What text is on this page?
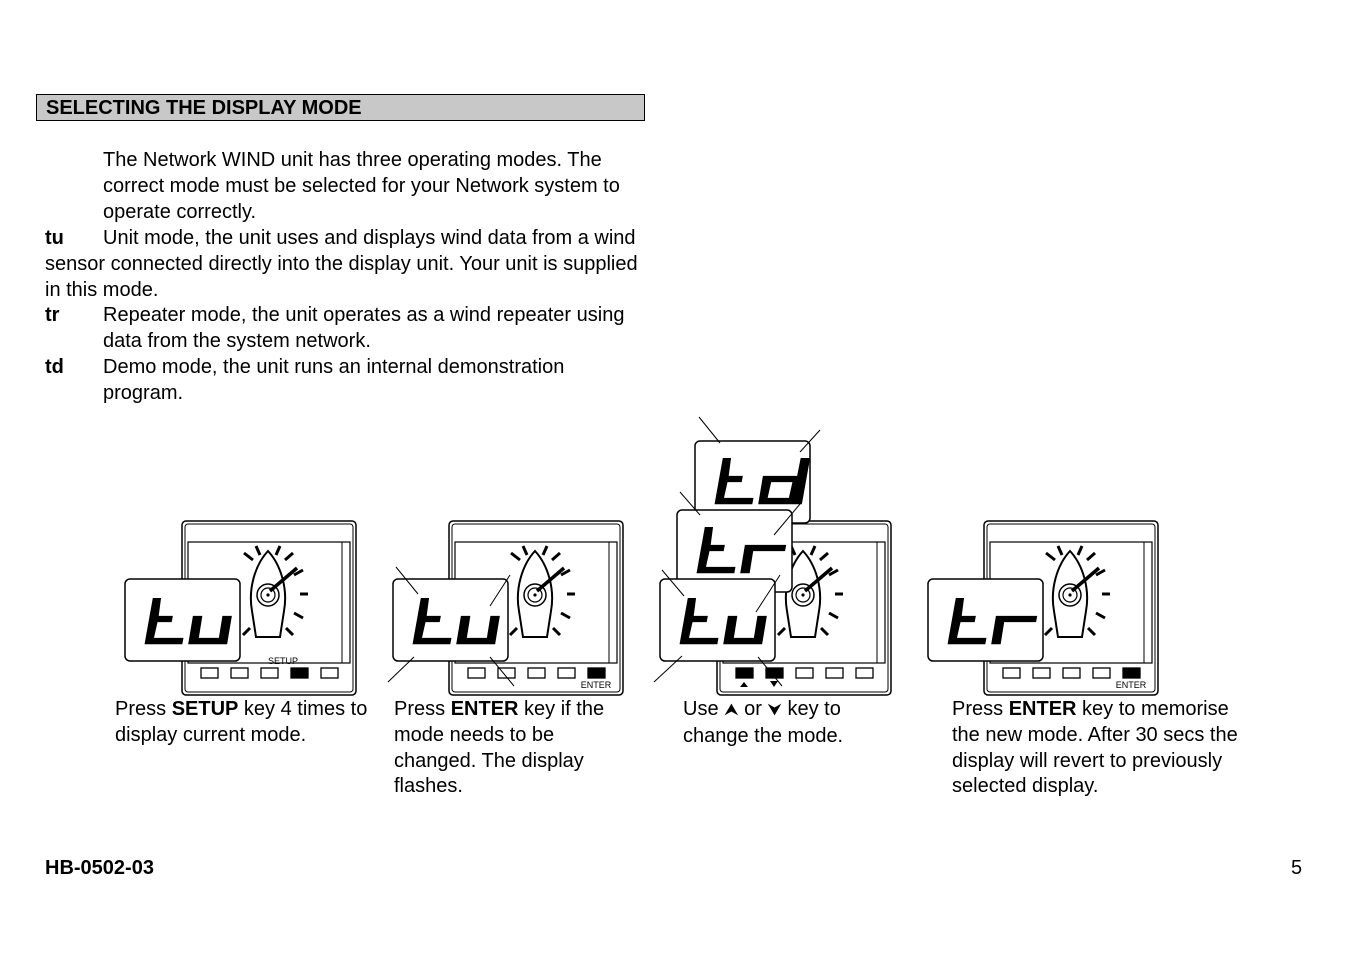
SELECTING THE DISPLAY MODE

The Network WIND unit has three operating modes. The correct mode must be selected for your Network system to operate correctly.

tu	Unit mode, the unit uses and displays wind data from a wind sensor connected directly into the display unit. Your unit is supplied in this mode.
tr Repeater mode, the unit operates as a wind repeater using data from the system network.
td Demo mode, the unit runs an internal demonstration program.
SETUP
ENTER	ENTER
Press SETUP key 4 times to display current mode.
Press ENTER key if the mode needs to be changed. The display flashes.
Use ⮝ or ⮟ key to change the mode.
Press ENTER key to memorise the new mode. After 30 secs the display will revert to previously selected display.
HB-0502-03	5
